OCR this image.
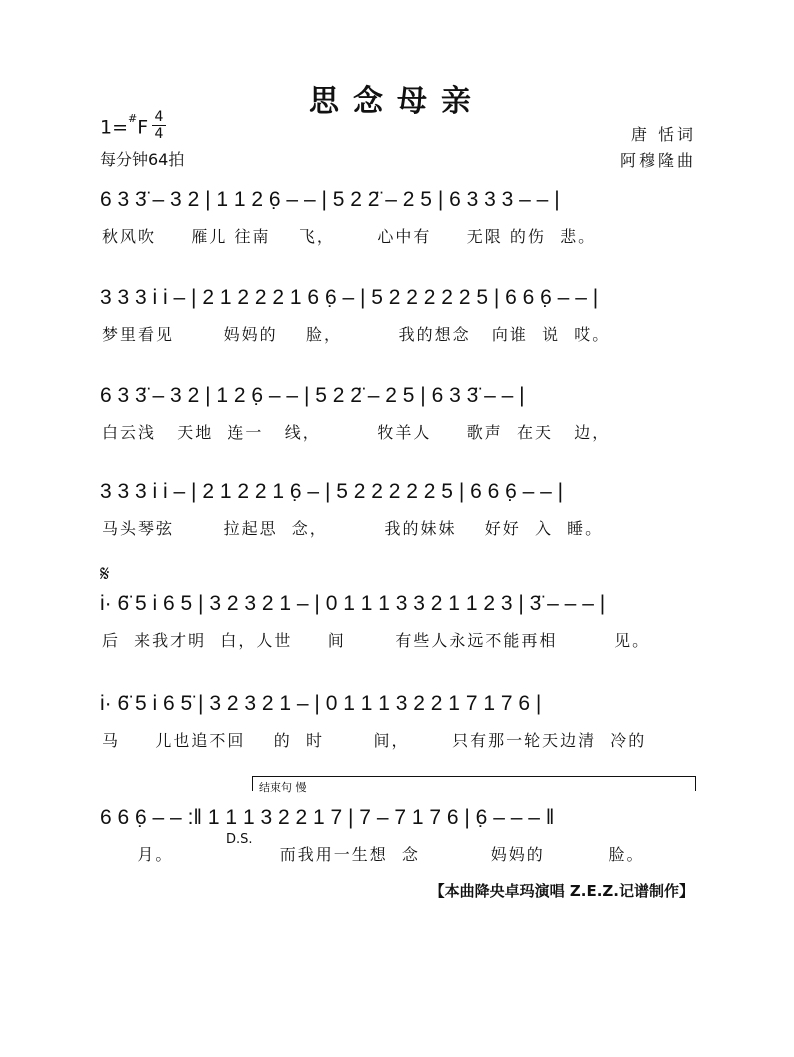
思念母亲
1=#F 4
4
每分钟64拍
唐 恬词
阿穆隆曲
6 3 3̈ – 3 2 | 1 1 2 6̣ – – | 5 2 2̈ – 2 5 | 6 3 3 3 – – |
秋风吹     雁儿 往南    飞，      心中有     无限 的伤  悲。
3 3 3 i i – | 2 1 2 2 2 1 6 6̣ – | 5 2 2 2 2 2 5 | 6 6 6̣ – – |
梦里看见       妈妈的    脸，        我的想念   向谁  说  哎。
6 3 3̈ – 3 2 | 1 2 6̣ – – | 5 2 2̈ – 2 5 | 6 3 3̈ – – |
白云浅   天地  连一   线，        牧羊人     歌声  在天   边，
3 3 3 i i – | 2 1 2 2 1 6̣ – | 5 2 2 2 2 2 5 | 6 6 6̣ – – |
马头琴弦       拉起思  念，        我的妹妹    好好  入  睡。
𝄋
i· 6̈ 5 i 6 5 | 3 2 3 2 1 – | 0 1 1 1 3 3 2 1 1 2 3 | 3̈ – – – |
后  来我才明  白，人世     间       有些人永远不能再相        见。
i· 6̈ 5 i 6 5̈ | 3 2 3 2 1 – | 0 1 1 1 3 2 2 1 7 1 7 6 |
马     儿也追不回    的  时       间，      只有那一轮天边清  冷的
结束句 慢
D.S.
6 6 6̣ – – :‖ 1 1 1 3 2 2 1 7 | 7 – 7 1 7 6 | 6̣ – – – ‖
月。               而我用一生想  念          妈妈的         脸。
【本曲降央卓玛演唱 Z.E.Z.记谱制作】
